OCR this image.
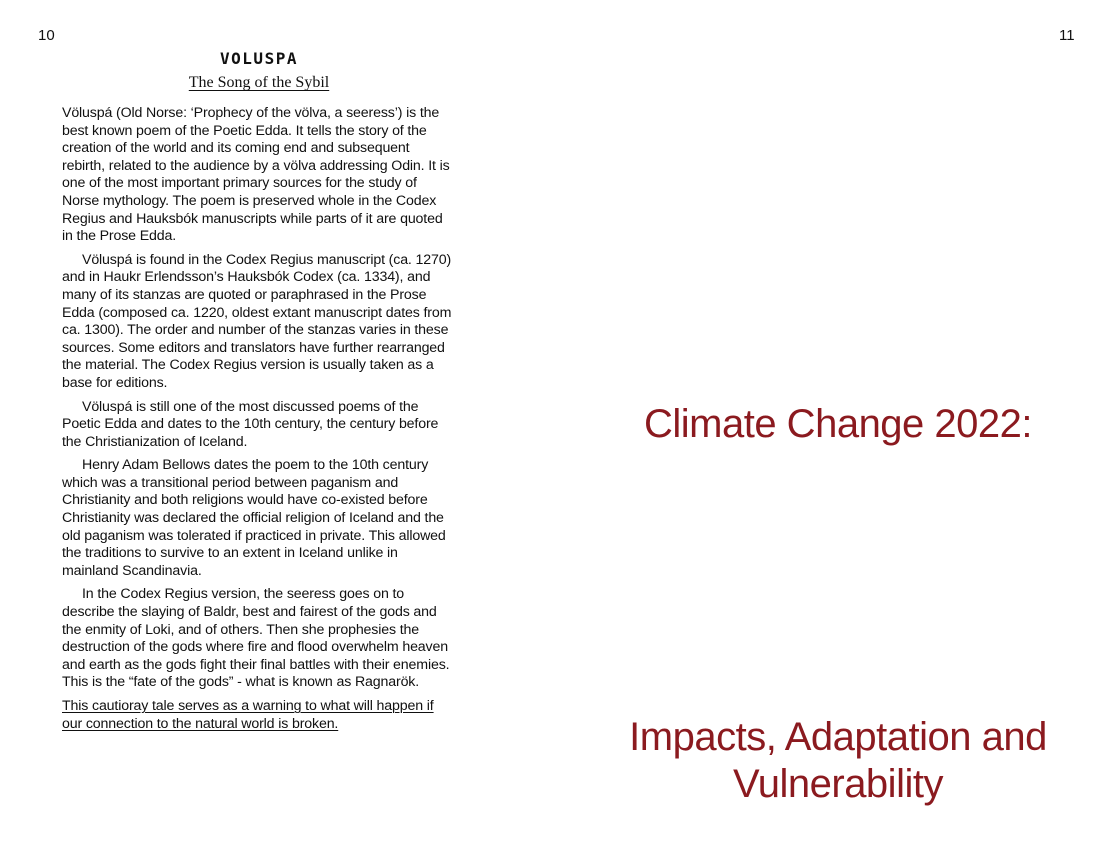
10	11
VOLUSPA
The Song of the Sybil

Völuspá (Old Norse: ‘Prophecy of the völva, a seeress’) is the best known poem of the Poetic Edda. It tells the story of the creation of the world and its coming end and subsequent rebirth, related to the audience by a völva addressing Odin. It is one of the most important primary sources for the study of Norse mythology. The poem is preserved whole in the Codex Regius and Hauksbók manuscripts while parts of it are quoted in the Prose Edda.

Völuspá is found in the Codex Regius manuscript (ca. 1270) and in Haukr Erlendsson’s Hauksbók Codex (ca. 1334), and many of its stanzas are quoted or paraphrased in the Prose Edda (composed ca. 1220, oldest extant manuscript dates from ca. 1300). The order and number of the stanzas varies in these sources. Some editors and translators have further rearranged the material. The Codex Regius version is usually taken as a base for editions.

Völuspá is still one of the most discussed poems of the Poetic Edda and dates to the 10th century, the century before the Christianization of Iceland.

Henry Adam Bellows dates the poem to the 10th century which was a transitional period between paganism and Christianity and both religions would have co-existed before Christianity was declared the official religion of Iceland and the old paganism was tolerated if practiced in private. This allowed the traditions to survive to an extent in Iceland unlike in mainland Scandinavia.

In the Codex Regius version, the seeress goes on to describe the slaying of Baldr, best and fairest of the gods and the enmity of Loki, and of others. Then she prophesies the destruction of the gods where fire and flood overwhelm heaven and earth as the gods fight their final battles with their enemies. This is the “fate of the gods” - what is known as Ragnarök.

This cautioray tale serves as a warning to what will happen if our connection to the natural world is broken.

Climate Change 2022:
Impacts, Adaptation and Vulnerability
